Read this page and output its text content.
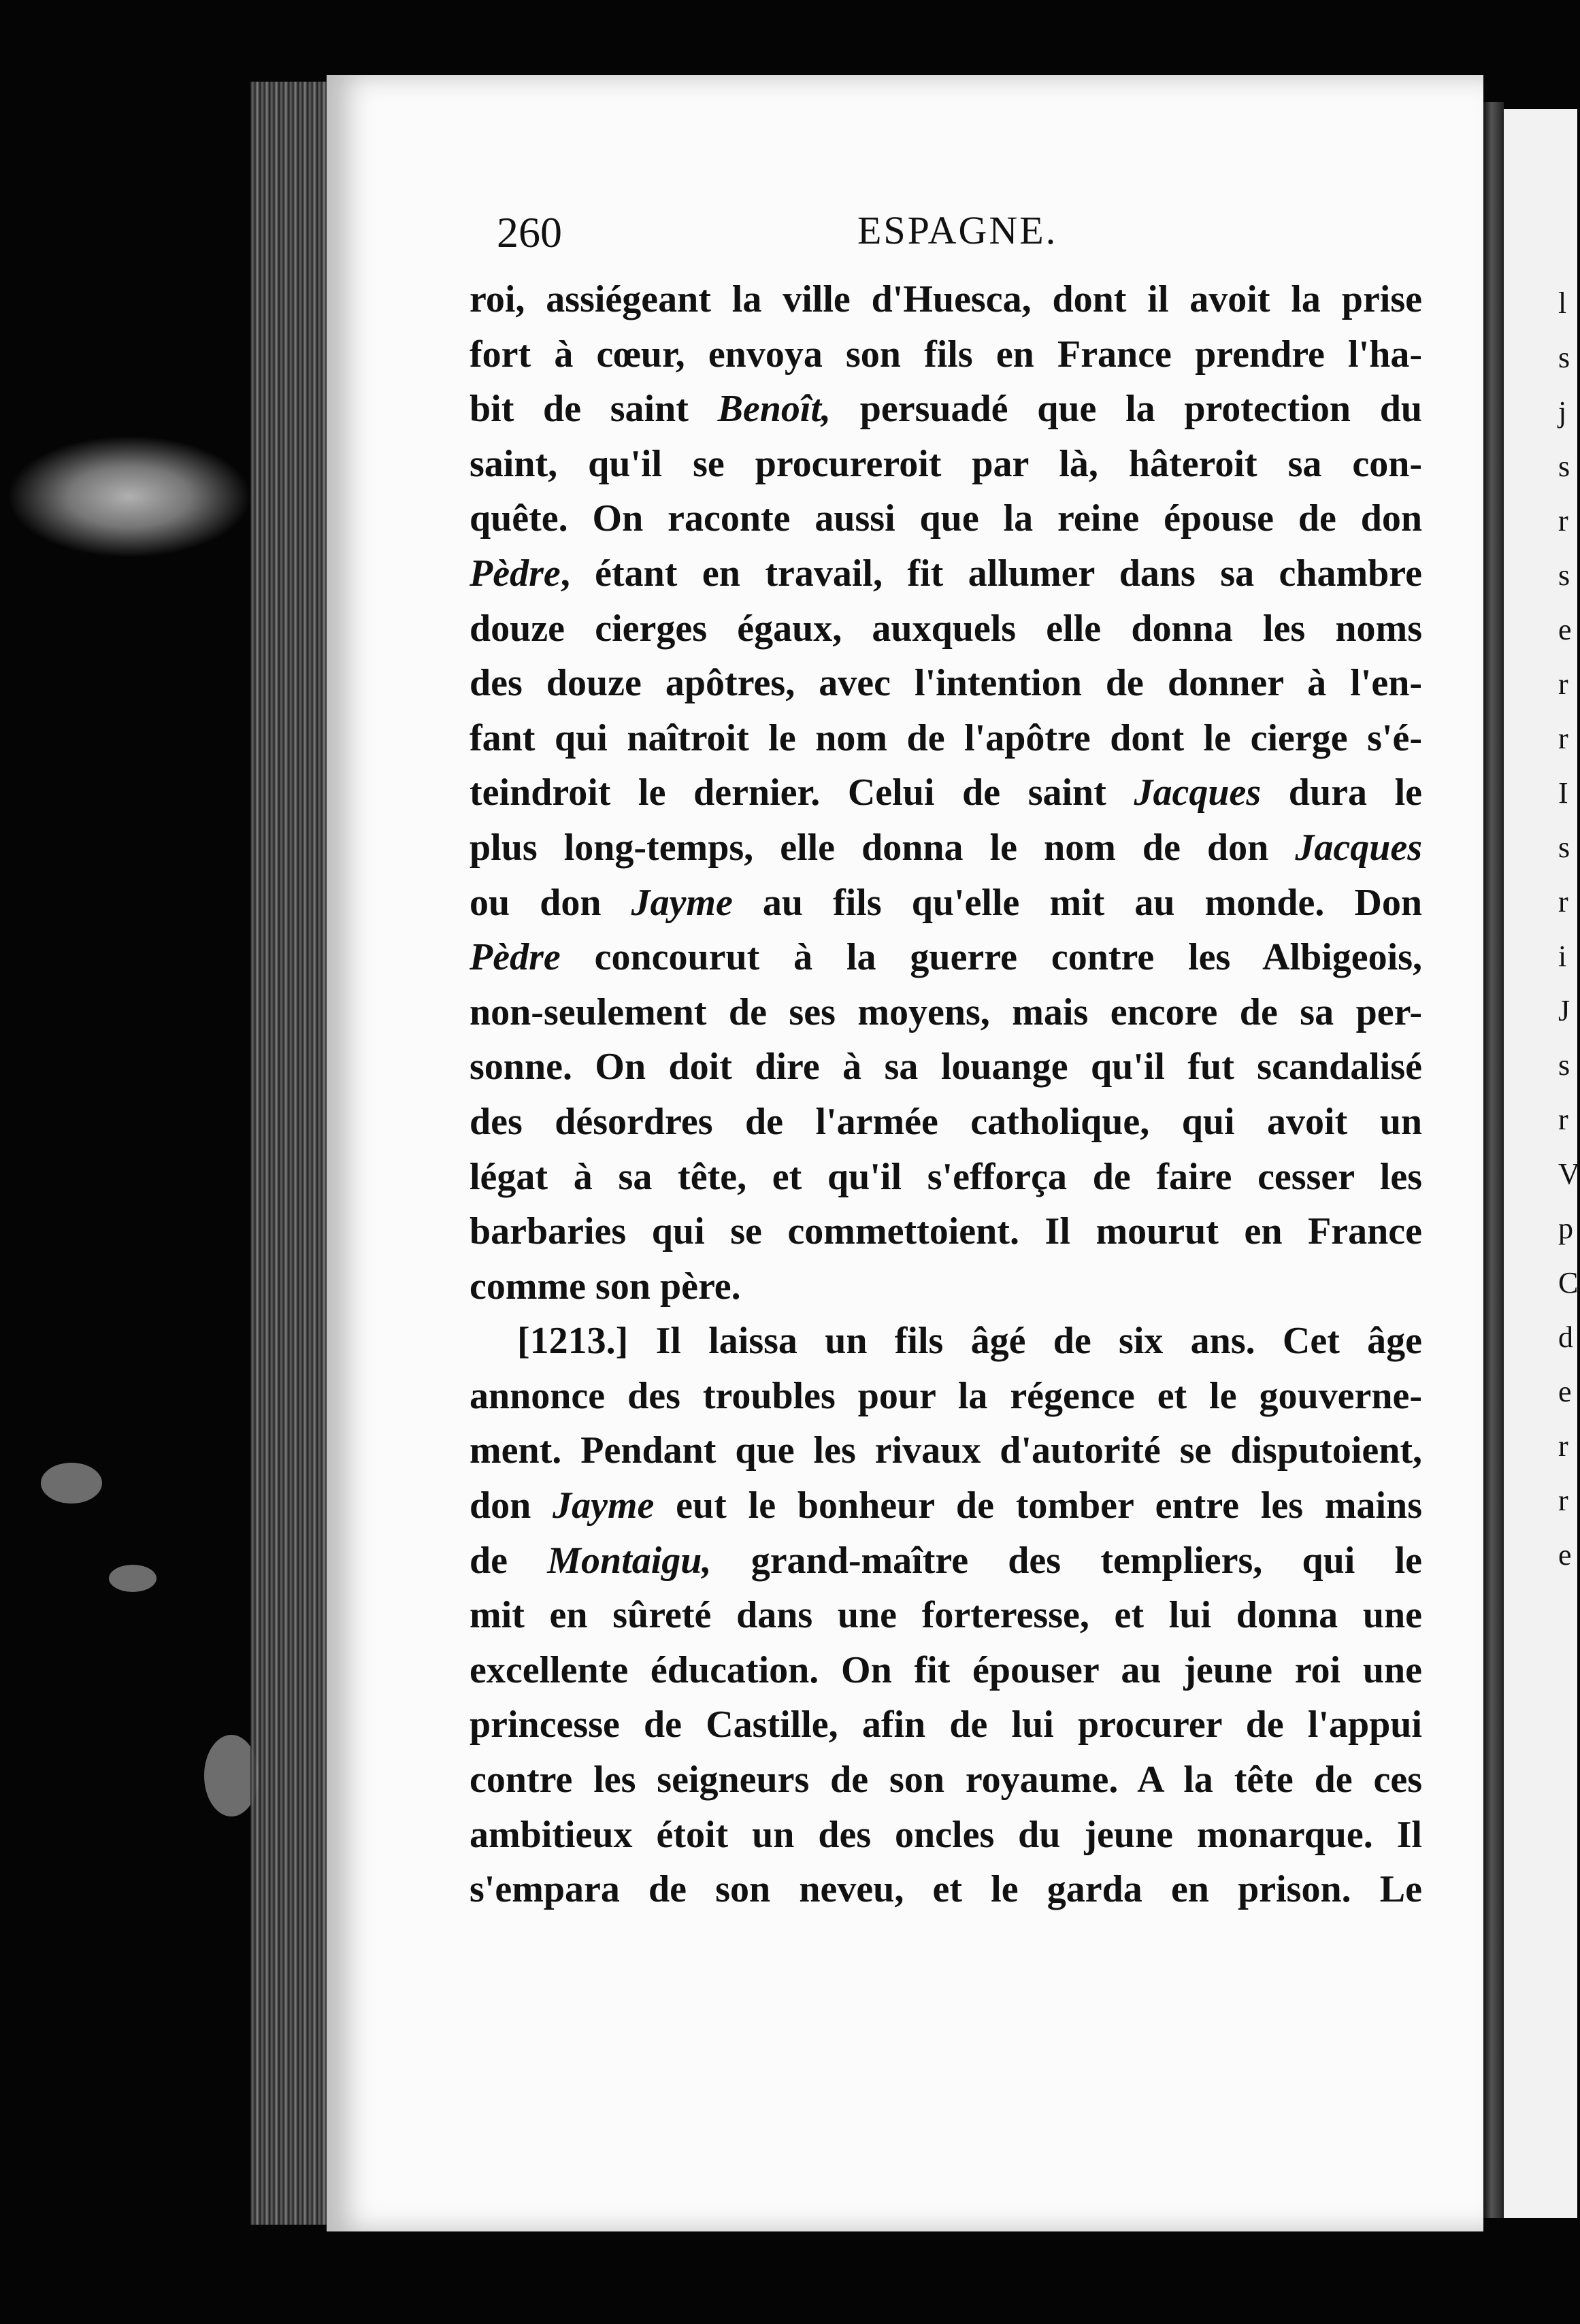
l
s
j
s
r
s
e
r
r
I
s
r
i
J
s
r
V
p
C
d
e
r
r
e
260	ESPAGNE.
roi, assiégeant la ville d'Huesca, dont il avoit la prise
fort à cœur, envoya son fils en France prendre l'ha-
bit de saint Benoît, persuadé que la protection du
saint, qu'il se procureroit par là, hâteroit sa con-
quête. On raconte aussi que la reine épouse de don
Pèdre, étant en travail, fit allumer dans sa chambre
douze cierges égaux, auxquels elle donna les noms
des douze apôtres, avec l'intention de donner à l'en-
fant qui naîtroit le nom de l'apôtre dont le cierge s'é-
teindroit le dernier. Celui de saint Jacques dura le
plus long-temps, elle donna le nom de don Jacques
ou don Jayme au fils qu'elle mit au monde. Don
Pèdre concourut à la guerre contre les Albigeois,
non-seulement de ses moyens, mais encore de sa per-
sonne. On doit dire à sa louange qu'il fut scandalisé
des désordres de l'armée catholique, qui avoit un
légat à sa tête, et qu'il s'efforça de faire cesser les
barbaries qui se commettoient. Il mourut en France
comme son père.
[1213.] Il laissa un fils âgé de six ans. Cet âge
annonce des troubles pour la régence et le gouverne-
ment. Pendant que les rivaux d'autorité se disputoient,
don Jayme eut le bonheur de tomber entre les mains
de Montaigu, grand-maître des templiers, qui le
mit en sûreté dans une forteresse, et lui donna une
excellente éducation. On fit épouser au jeune roi une
princesse de Castille, afin de lui procurer de l'appui
contre les seigneurs de son royaume. A la tête de ces
ambitieux étoit un des oncles du jeune monarque. Il
s'empara de son neveu, et le garda en prison. Le
